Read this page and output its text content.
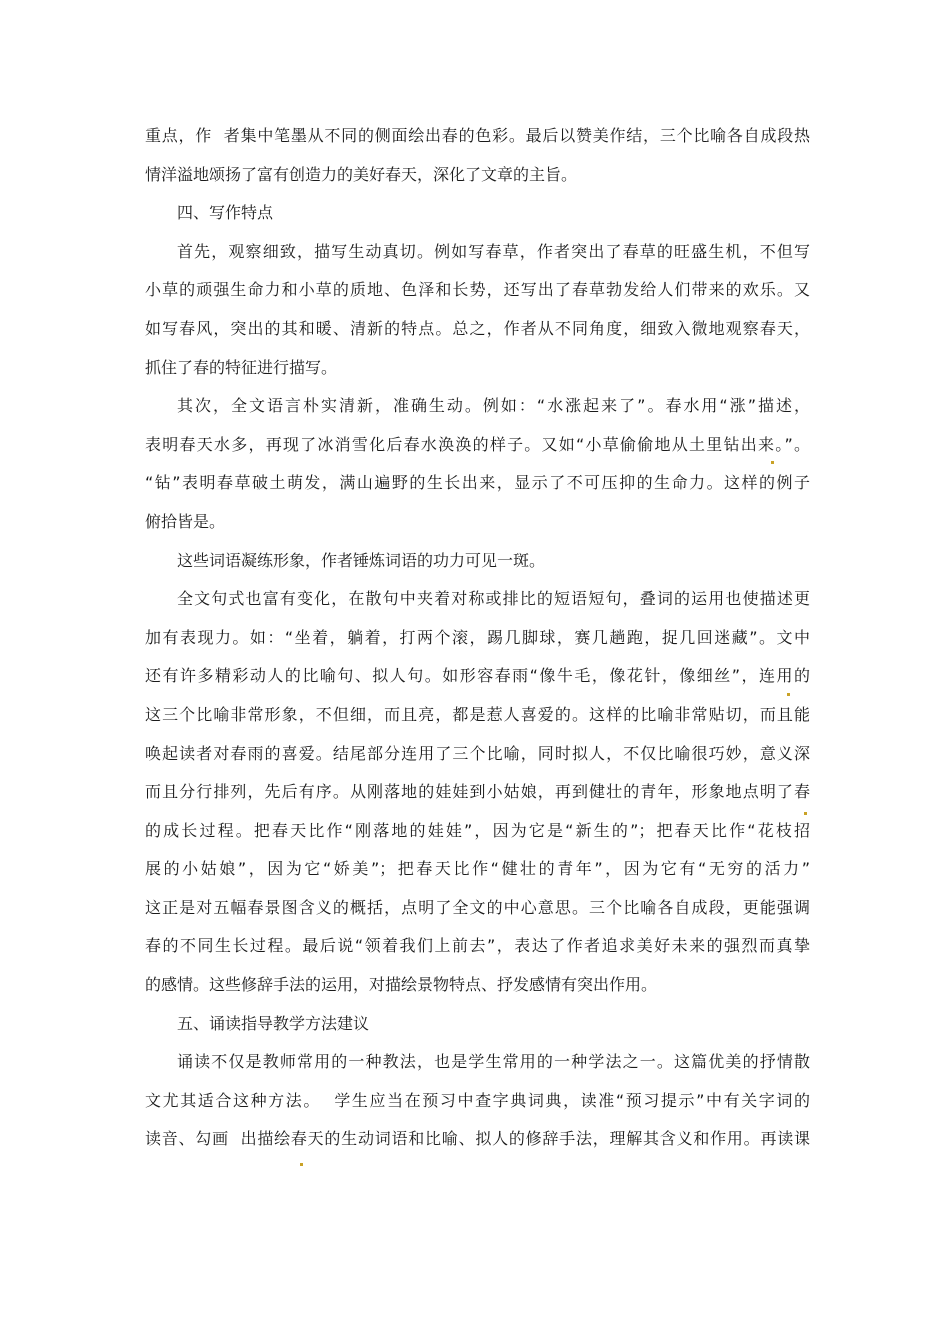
重点，作  者集中笔墨从不同的侧面绘出春的色彩。最后以赞美作结，三个比喻各自成段热
情洋溢地颂扬了富有创造力的美好春天，深化了文章的主旨。
四、写作特点
首先，观察细致，描写生动真切。例如写春草，作者突出了春草的旺盛生机，不但写
小草的顽强生命力和小草的质地、色泽和长势，还写出了春草勃发给人们带来的欢乐。又
如写春风，突出的其和暖、清新的特点。总之，作者从不同角度，细致入微地观察春天，
抓住了春的特征进行描写。
其次，全文语言朴实清新，准确生动。例如：“水涨起来了”。春水用“涨”描述，
表明春天水多，再现了冰消雪化后春水涣涣的样子。又如“小草偷偷地从土里钻出来。”。
“钻”表明春草破土萌发，满山遍野的生长出来，显示了不可压抑的生命力。这样的例子
俯拾皆是。
这些词语凝练形象，作者锤炼词语的功力可见一斑。
全文句式也富有变化，在散句中夹着对称或排比的短语短句，叠词的运用也使描述更
加有表现力。如：“坐着，躺着，打两个滚，踢几脚球，赛几趟跑，捉几回迷藏”。文中
还有许多精彩动人的比喻句、拟人句。如形容春雨“像牛毛，像花针，像细丝”，连用的
这三个比喻非常形象，不但细，而且亮，都是惹人喜爱的。这样的比喻非常贴切，而且能
唤起读者对春雨的喜爱。结尾部分连用了三个比喻，同时拟人，不仅比喻很巧妙，意义深
而且分行排列，先后有序。从刚落地的娃娃到小姑娘，再到健壮的青年，形象地点明了春
的成长过程。把春天比作“刚落地的娃娃”，因为它是“新生的”；把春天比作“花枝招
展的小姑娘”，因为它“娇美”；把春天比作“健壮的青年”，因为它有“无穷的活力”
这正是对五幅春景图含义的概括，点明了全文的中心意思。三个比喻各自成段，更能强调
春的不同生长过程。最后说“领着我们上前去”，表达了作者追求美好未来的强烈而真挚
的感情。这些修辞手法的运用，对描绘景物特点、抒发感情有突出作用。
五、诵读指导教学方法建议
诵读不仅是教师常用的一种教法，也是学生常用的一种学法之一。这篇优美的抒情散
文尤其适合这种方法。  学生应当在预习中查字典词典，读准“预习提示”中有关字词的
读音、勾画  出描绘春天的生动词语和比喻、拟人的修辞手法，理解其含义和作用。再读课
